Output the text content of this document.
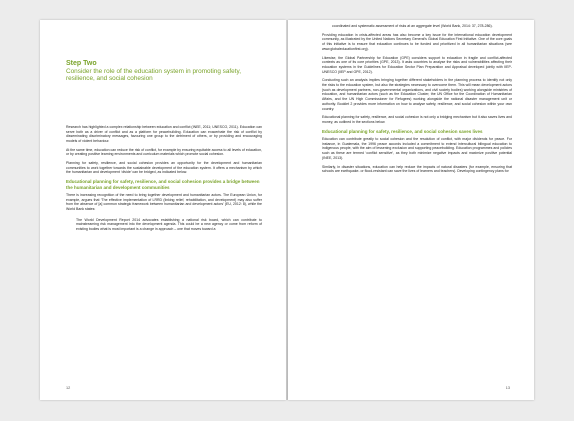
Step Two
Consider the role of the education system in promoting safety, resilience, and social cohesion

Research has highlighted a complex relationship between education and conflict (INEE, 2011; UNESCO, 2011). Education can serve both as a driver of conflict and as a platform for peacebuilding. Education can exacerbate the risk of conflict by disseminating discriminatory messages, favouring one group to the detriment of others, or by providing and encouraging models of violent behaviour.

At the same time, education can reduce the risk of conflict, for example by ensuring equitable access to all levels of education, or by creating positive learning environments and curriculum materials which promote social cohesion.

Planning for safety, resilience, and social cohesion provides an opportunity for the development and humanitarian communities to work together towards the sustainable development of the education system. It offers a mechanism by which the humanitarian and development ‘divide’ can be bridged, as indicated below.

Educational planning for safety, resilience, and social cohesion provides a bridge between the humanitarian and development communities

There is increasing recognition of the need to bring together development and humanitarian actors. The European Union, for example, argues that ‘The effective implementation of LRRD (linking relief, rehabilitation, and development) may also suffer from the absence of [a] common strategic framework between humanitarian and development actors’ (EU, 2012: 8), while the World Bank states:

The World Development Report 2014 advocates establishing a national risk board, which can contribute to mainstreaming risk management into the development agenda. This could be a new agency or come from reform of existing bodies what is most important is a change in approach – one that moves toward a

12

coordinated and systematic assessment of risks at an aggregate level (World Bank, 2014: 37, 278-286).

Providing education in crisis-affected areas has also become a key issue for the international education development community, as illustrated by the United Nations Secretary General’s Global Education First Initiative. One of the core goals of this initiative is to ensure that education continues to be funded and prioritized in all humanitarian situations (see www.globaleducationfirst.org).

Likewise, the Global Partnership for Education (GPE) considers support to education in fragile and conflict-affected contexts as one of its core priorities (GPE, 2013). It asks countries to analyse the risks and vulnerabilities affecting their education systems in the Guidelines for Education Sector Plan Preparation and Appraisal developed jointly with IIEP-UNESCO (IIEP and GPE, 2012).

Conducting such an analysis implies bringing together different stakeholders in the planning process to identify not only the risks to the education system, but also the strategies necessary to overcome them. This will mean development actors (such as development partners, non-governmental organizations, and civil society bodies) working alongside ministries of education, and humanitarian actors (such as the Education Cluster, the UN Office for the Coordination of Humanitarian Affairs, and the UN High Commissioner for Refugees) working alongside the national disaster management unit or authority. Booklet 2 provides more information on how to analyse safety, resilience, and social cohesion within your own country.

Educational planning for safety, resilience, and social cohesion is not only a bridging mechanism but it also saves lives and money, as outlined in the sections below.

Educational planning for safety, resilience, and social cohesion saves lives

Education can contribute greatly to social cohesion and the resolution of conflict, with major dividends for peace. For instance, in Guatemala, the 1996 peace accords included a commitment to extend intercultural bilingual education to indigenous people, with the aim of lessening exclusion and supporting peacebuilding. Education programmes and policies such as these are termed ‘conflict sensitive’, as they both minimize negative impacts and maximize positive potential (INEE, 2013).

Similarly, in disaster situations, education can help reduce the impacts of natural disasters (for example, ensuring that schools are earthquake- or flood-resistant can save the lives of learners and teachers). Developing contingency plans for

13
